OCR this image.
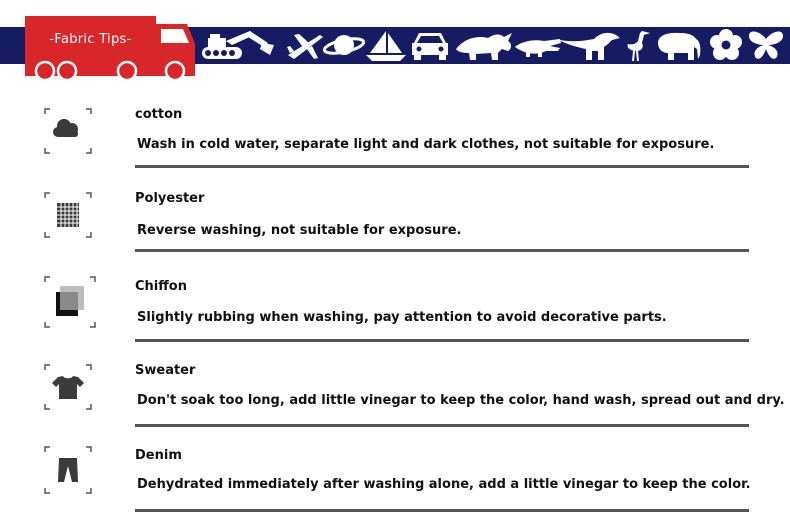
-Fabric Tips-
cotton
Wash in cold water, separate light and dark clothes, not suitable for exposure.
Polyester
Reverse washing, not suitable for exposure.
Chiffon
Slightly rubbing when washing, pay attention to avoid decorative parts.
Sweater
Don't soak too long, add little vinegar to keep the color, hand wash, spread out and dry.
Denim
Dehydrated immediately after washing alone, add a little vinegar to keep the color.
